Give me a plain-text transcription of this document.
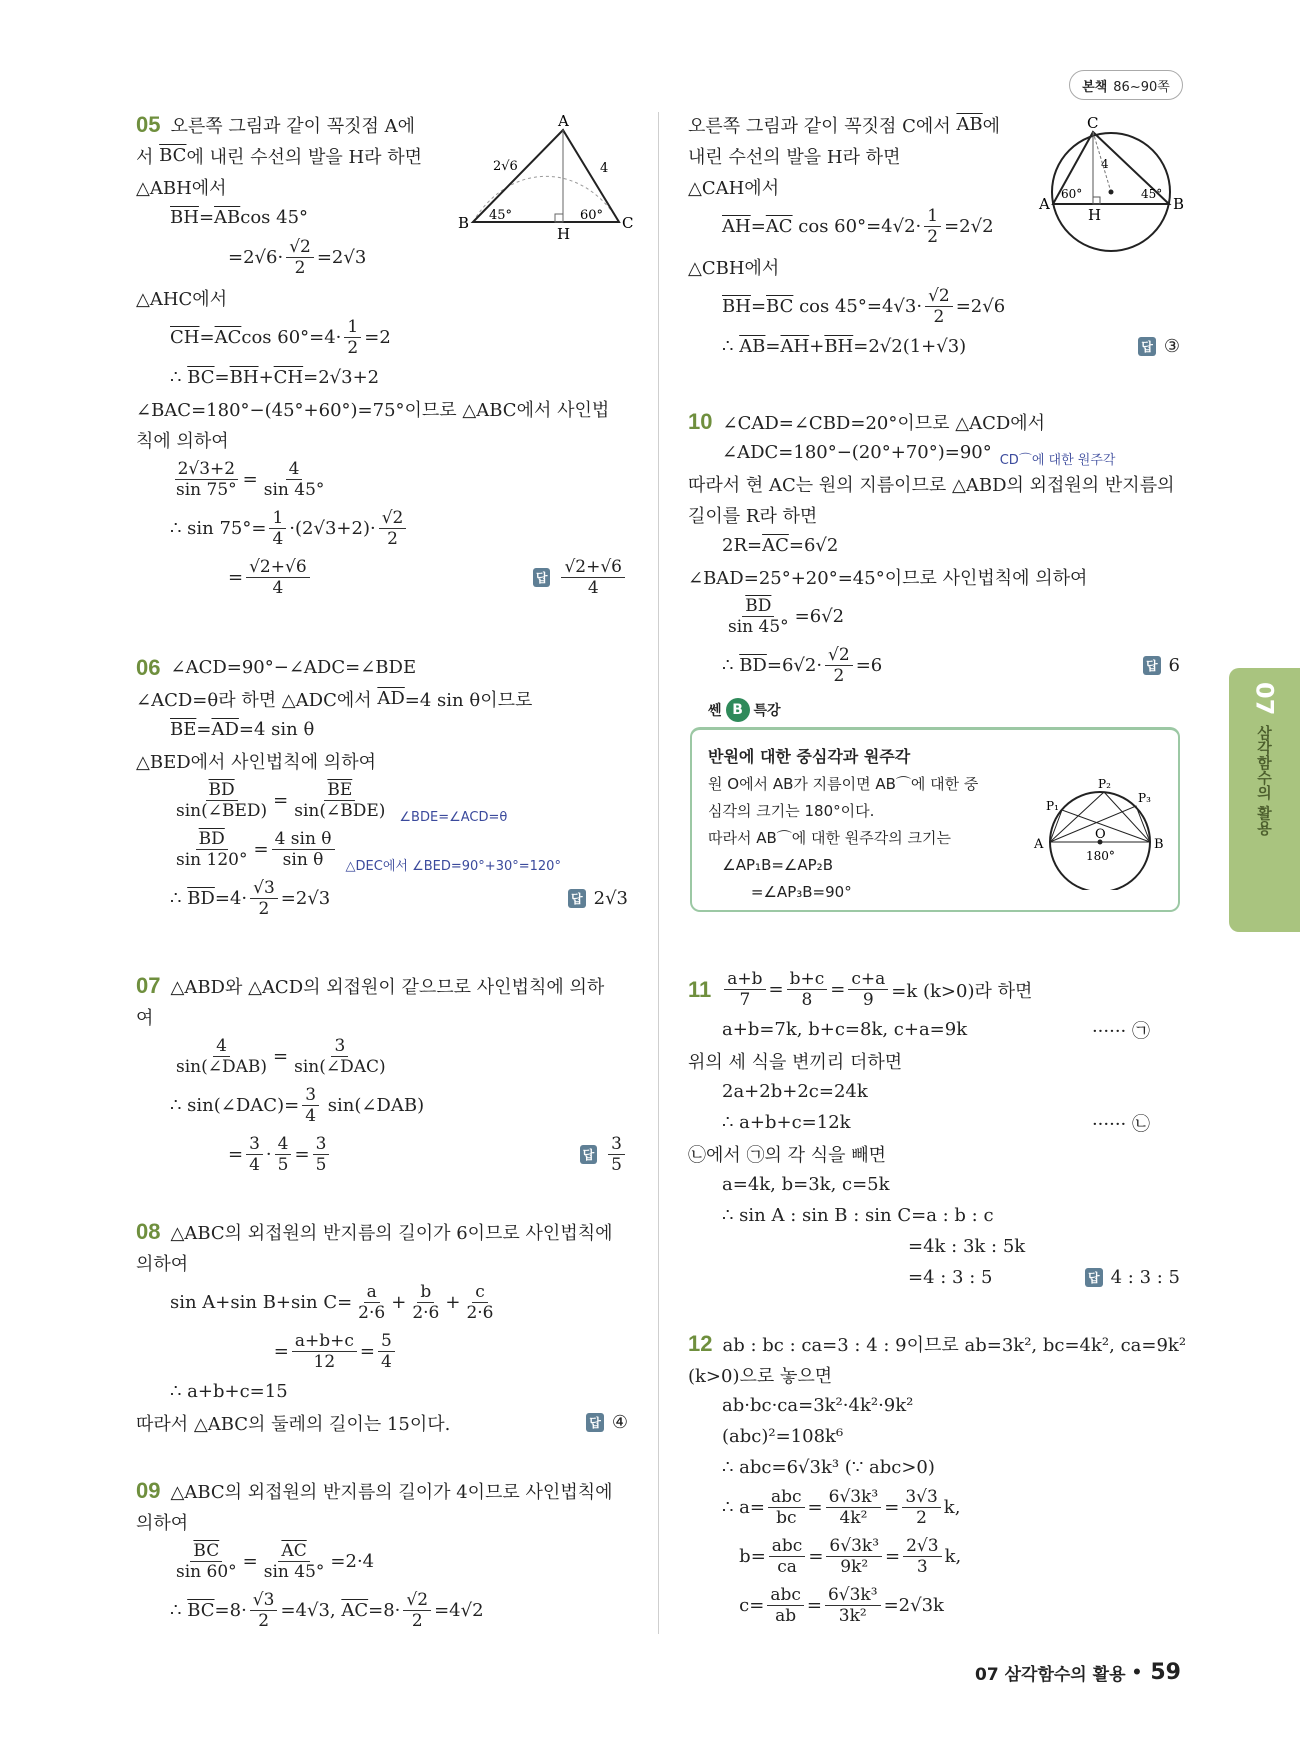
본책 86~90쪽
05 오른쪽 그림과 같이 꼭짓점 A에
서 $\overline{BC}$ 에 내린 수선의 발을 H라 하면
△ABH에서
$\overline{BH} = \overline{AB}$ cos 45°
$=2√6\cdot \frac{√2}{2} =2√3$
△AHC에서
$\overline{CH} = \overline{AC}$ $\cos 60^\circ=4\cdot \frac{1}{2} =2$
∴ $\overline{BC} = \overline{BH} + \overline{CH} =2√3+2$
∠BAC=180°−(45°+60°)=75°이므로 △ABC에서 사인법
칙에 의하여
$\frac{2√3+2}{\sin 75^\circ} = \frac{4}{\sin 45^\circ}$
∴ $\sin 75^\circ= \frac{1}{4} \cdot(2√3+2)\cdot \frac{√2}{2}$
= $\frac{√2+√6}{4}$	답 $\frac{√2+√6}{4}$
06 ∠ACD=90°−∠ADC=∠BDE
∠ACD=θ라 하면 △ADC에서 $\overline{AD} =4$ sin θ이므로
$\overline{BE} = \overline{AD} =4$ sin θ
△BED에서 사인법칙에 의하여
$\frac{\overline{BD}}{\text{sin(∠BED)}} = \frac{\overline{BE}}{\text{sin(∠BDE)}}$ ∠BDE=∠ACD=θ
$\frac{\overline{BD}}{\sin 120^\circ} = \frac{\text{4 sin θ}}{\text{sin θ}}$ △DEC에서 ∠BED=90°+30°=120°
∴ $\overline{BD} =4\cdot \frac{√3}{2} =2√3$	답 2√3
07 △ABD와 △ACD의 외접원이 같으므로 사인법칙에 의하
여
$\frac{4}{\text{sin(∠DAB)}} = \frac{3}{\text{sin(∠DAC)}}$
∴ sin(∠DAC)= $\frac{3}{4}$ sin(∠DAB)
= $\frac{3}{4} \cdot \frac{4}{5} = \frac{3}{5}$	답 $\frac{3}{5}$
08 △ABC의 외접원의 반지름의 길이가 6이므로 사인법칙에
의하여
sin A+sin B+sin $C= \frac{a}{2\cdot 6} + \frac{b}{2\cdot 6} + \frac{c}{2\cdot 6}$
= $\frac{a+b+c}{12} = \frac{5}{4}$
∴ a+b+c=15
따라서 △ABC의 둘레의 길이는 15이다.	답 ④
09 △ABC의 외접원의 반지름의 길이가 4이므로 사인법칙에
의하여
$\frac{\overline{BC}}{\sin 60^\circ} = \frac{\overline{AC}}{\sin 45^\circ} =2\cdot 4$
∴ $\overline{BC} =8\cdot \frac{√3}{2} =4√3$, $\overline{AC} =8\cdot \frac{√2}{2} =4√2$
오른쪽 그림과 같이 꼭짓점 C에서 $\overline{AB}$ 에
내린 수선의 발을 H라 하면
△CAH에서
$\overline{AH} = \overline{AC}$ $\cos 60^\circ=4√2\cdot \frac{1}{2} =2√2$
△CBH에서
$\overline{BH} = \overline{BC}$ $\cos 45^\circ=4√3\cdot \frac{√2}{2} =2√6$
∴ $\overline{AB} = \overline{AH} + \overline{BH} =2√2(1+√3)$	답 ③
10 ∠CAD=∠CBD=20°이므로 △ACD에서
∠ADC=180°−(20°+70°)=90° CD⌒에 대한 원주각
따라서 현 AC는 원의 지름이므로 △ABD의 외접원의 반지름의
길이를 R라 하면
$2R= \overline{AC} =6√2$
∠BAD=25°+20°=45°이므로 사인법칙에 의하여
$\frac{\overline{BD}}{\sin 45^\circ} =6√2$
∴ $\overline{BD} =6√2\cdot \frac{√2}{2} =6$	답 6
$11 \frac{a+b}{7} = \frac{b+c}{8} = \frac{c+a}{9} =k$ (k>0)라 하면
a+b=7k, b+c=8k, c+a=9k	······ ㉠
위의 세 식을 변끼리 더하면
2a+2b+2c=24k
∴ a+b+c=12k	······ ㉡
㉡에서 ㉠의 각 식을 빼면
a=4k, b=3k, c=5k
∴ sin A : sin B : sin C=a : b : c
=4k : 3k : 5k
=4 : 3 : 5	답 4 : 3 : 5
12 ab : bc : ca=3 : 4 : 9이므로 ab=3k², bc=4k², ca=9k²
(k>0)으로 놓으면
ab·bc·ca=3k²·4k²·9k²
(abc)²=108k⁶
∴ abc=6√3k³ (∵ abc>0)
∴ $a= \frac{\text{abc}}{bc} = \frac{\text{6√3k³}}{\text{4k²}} = \frac{3√3}{2} k$,
$b= \frac{\text{abc}}{ca} = \frac{\text{6√3k³}}{\text{9k²}} = \frac{2√3}{3} k$,
$c= \frac{\text{abc}}{ab} = \frac{\text{6√3k³}}{\text{3k²}} =2√3k$
A
B	C
H
2√6	4
45°	60°
C
A	B
H
4
60°	45°
쎈 B 특강
반원에 대한 중심각과 원주각
원 O에서 AB가 지름이면 AB⌒에 대한 중
심각의 크기는 180°이다.
따라서 AB⌒에 대한 원주각의 크기는
∠AP₁B=∠AP₂B
=∠AP₃B=90°
A	B
O
P₁
P₂
P₃
180°
07
삼각함수의 활용
07 삼각함수의 활용 • 59
